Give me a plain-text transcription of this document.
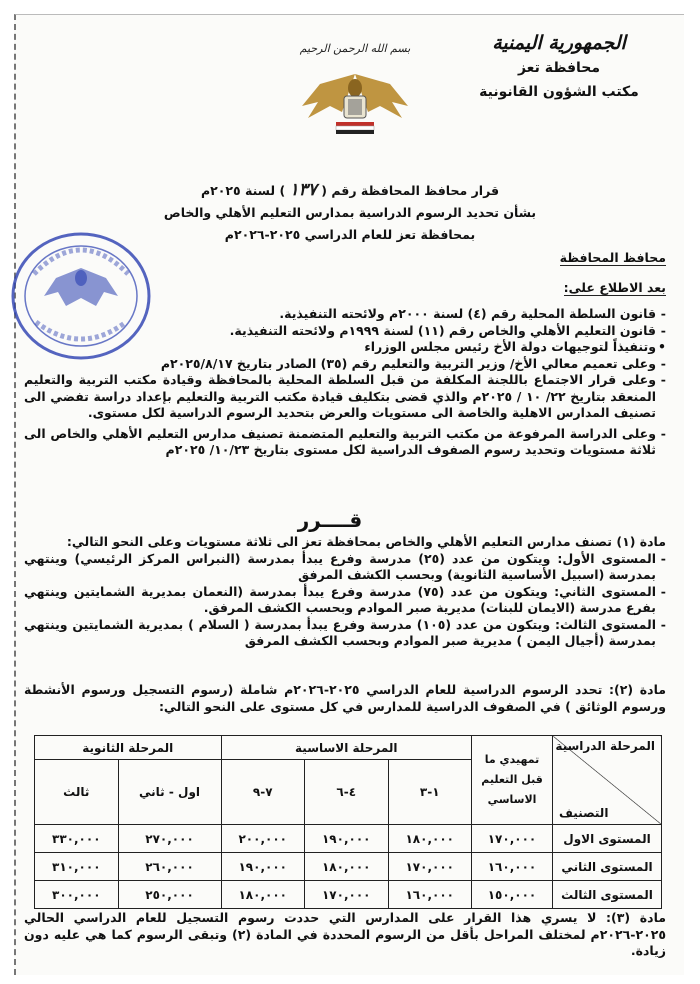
الجمهورية اليمنية
محافظة تعز
مكتب الشؤون القانونية
بسم الله الرحمن الرحيم
قرار محافظ المحافظة رقم ( ١٣٧ ) لسنة ٢٠٢٥م
بشأن تحديد الرسوم الدراسية بمدارس التعليم الأهلي والخاص
بمحافظة تعز للعام الدراسي ٢٠٢٥-٢٠٢٦م
محافظ المحافظة
بعد الاطلاع على:
- قانون السلطة المحلية رقم (٤) لسنة ٢٠٠٠م ولائحته التنفيذية.
- قانون التعليم الأهلي والخاص رقم (١١) لسنة ١٩٩٩م ولائحته التنفيذية.
• وتنفيذاً لتوجيهات دولة الأخ رئيس مجلس الوزراء
- وعلى تعميم معالي الأخ/ وزير التربية والتعليم رقم (٣٥) الصادر بتاريخ ٢٠٢٥/٨/١٧م
- وعلى قرار الاجتماع باللجنة المكلفة من قبل السلطة المحلية بالمحافظة وقيادة مكتب التربية والتعليم المنعقد بتاريخ ٢٢/ ١٠ / ٢٠٢٥م والذي قضى بتكليف قيادة مكتب التربية والتعليم بإعداد دراسة تفضي الى تصنيف المدارس الاهلية والخاصة الى مستويات والعرض بتحديد الرسوم الدراسية لكل مستوى.
- وعلى الدراسة المرفوعة من مكتب التربية والتعليم المتضمنة تصنيف مدارس التعليم الأهلي والخاص الى ثلاثة مستويات وتحديد رسوم الصفوف الدراسية لكل مستوى بتاريخ ١٠/٢٣/ ٢٠٢٥م
قــــرر
مادة (١) تصنف مدارس التعليم الأهلي والخاص بمحافظة تعز الى ثلاثة مستويات وعلى النحو التالي:
- المستوى الأول: ويتكون من عدد (٢٥) مدرسة وفرع يبدأ بمدرسة (النبراس المركز الرئيسي) وينتهي بمدرسة (اسبيل الأساسية الثانوية) وبحسب الكشف المرفق
- المستوى الثاني: ويتكون من عدد (٧٥) مدرسة وفرع يبدأ بمدرسة (النعمان بمديرية الشمايتين وينتهي بفرع مدرسة (الايمان للبنات) مديرية صبر الموادم وبحسب الكشف المرفق.
- المستوى الثالث: ويتكون من عدد (١٠٥) مدرسة وفرع يبدأ بمدرسة ( السلام ) بمديرية الشمايتين وينتهي بمدرسة (أجيال اليمن ) مديرية صبر الموادم وبحسب الكشف المرفق
مادة (٢): تحدد الرسوم الدراسية للعام الدراسي ٢٠٢٥-٢٠٢٦م شاملة (رسوم التسجيل ورسوم الأنشطة ورسوم الوثائق ) في الصفوف الدراسية للمدارس في كل مستوى على النحو التالي:
المرحلة الدراسية
التصنيف	تمهيدي ما قبل التعليم الاساسي	المرحلة الاساسية			المرحلة الثانوية	
		١-٣	٤-٦	٧-٩	اول - ثاني	ثالث
المستوى الاول	١٧٠,٠٠٠	١٨٠,٠٠٠	١٩٠,٠٠٠	٢٠٠,٠٠٠	٢٧٠,٠٠٠	٣٣٠,٠٠٠
المستوى الثاني	١٦٠,٠٠٠	١٧٠,٠٠٠	١٨٠,٠٠٠	١٩٠,٠٠٠	٢٦٠,٠٠٠	٣١٠,٠٠٠
المستوى الثالث	١٥٠,٠٠٠	١٦٠,٠٠٠	١٧٠,٠٠٠	١٨٠,٠٠٠	٢٥٠,٠٠٠	٣٠٠,٠٠٠
مادة (٣): لا يسري هذا القرار على المدارس التي حددت رسوم التسجيل للعام الدراسي الحالي ٢٠٢٥-٢٠٢٦م لمختلف المراحل بأقل من الرسوم المحددة في المادة (٢) وتبقى الرسوم كما هي عليه دون زيادة.
